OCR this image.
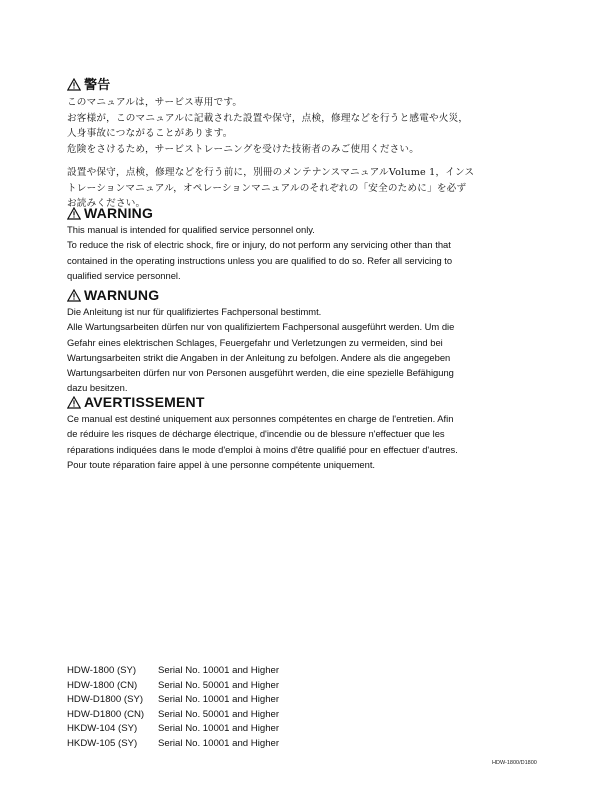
警告

このマニュアルは，サービス専用です。

お客様が，このマニュアルに記載された設置や保守，点検，修理などを行うと感電や火災，

人身事故につながることがあります。

危険をさけるため，サービストレーニングを受けた技術者のみご使用ください。

設置や保守，点検，修理などを行う前に，別冊のメンテナンスマニュアルVolume 1，インス

トレーションマニュアル，オペレーションマニュアルのそれぞれの「安全のために」を必ず

お読みください。

WARNING

This manual is intended for qualified service personnel only.

To reduce the risk of electric shock, fire or injury, do not perform any servicing other than that

contained in the operating instructions unless you are qualified to do so. Refer all servicing to

qualified service personnel.

WARNUNG

Die Anleitung ist nur für qualifiziertes Fachpersonal bestimmt.

Alle Wartungsarbeiten dürfen nur von qualifiziertem Fachpersonal ausgeführt werden. Um die

Gefahr eines elektrischen Schlages, Feuergefahr und Verletzungen zu vermeiden, sind bei

Wartungsarbeiten strikt die Angaben in der Anleitung zu befolgen. Andere als die angegeben

Wartungsarbeiten dürfen nur von Personen ausgeführt werden, die eine spezielle Befähigung

dazu besitzen.

AVERTISSEMENT

Ce manual est destiné uniquement aux personnes compétentes en charge de l'entretien. Afin

de réduire les risques de décharge électrique, d'incendie ou de blessure n'effectuer que les

réparations indiquées dans le mode d'emploi à moins d'être qualifié pour en effectuer d'autres.

Pour toute réparation faire appel à une personne compétente uniquement.

HDW-1800 (SY)	Serial No. 10001 and Higher
HDW-1800 (CN)	Serial No. 50001 and Higher
HDW-D1800 (SY)	Serial No. 10001 and Higher
HDW-D1800 (CN)	Serial No. 50001 and Higher
HKDW-104 (SY)	Serial No. 10001 and Higher
HKDW-105 (SY)	Serial No. 10001 and Higher
HDW-1800/D1800
